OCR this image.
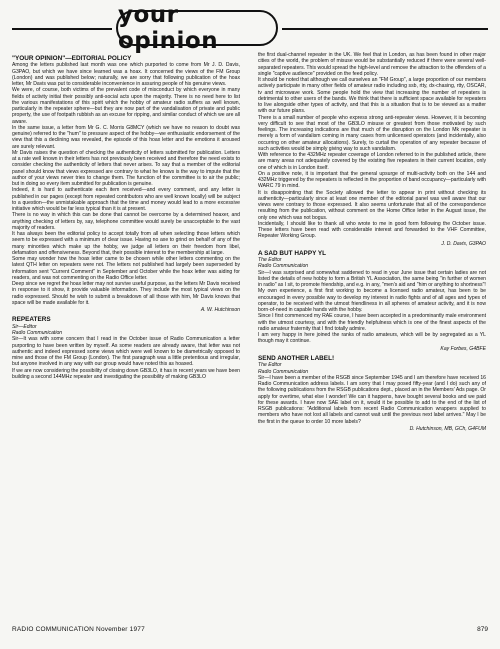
your opinion
"YOUR OPINION"—EDITORIAL POLICY
Among the letters published last month was one which purported to come from Mr J. D. Davis, G3PAO, but which we have since learned was a hoax. It concerned the views of the FM Group (London) and was published below; naturally, we are sorry that following publication of the hoax letter, Mr Davis was put to considerable inconvenience in assuring people of his genuine views.
We were, of course, both victims of the prevalent code of misconduct by which everyone in many fields of activity initial their possibly anti-social acts upon the majority. There is no need here to list the various manifestations of this spirit which the hobby of amateur radio suffers as well known, particularly in the repeater sphere—but they are now part of the vandalisation of private and public property, the use of footpath rubbish as an excuse for ripping, and similar conduct of which we are all aware.
In the same issue, a letter from Mr G. C. Morris G8MCY (which we have no reason to doubt was genuine) referred to the "hum" to pressure aspect of the hobby—we enthusiastic endorsement of the view that this a declining was revealed, the episode of this hoax letter and the emotions it aroused are surely relevant.
Mr Davis raises the question of checking the authenticity of letters submitted for publication. Letters at a rate well known in their letters has not previously been received and therefore the need exists to consider checking the authenticity of letters that never arises. To say that a member of the editorial panel should know that views expressed are contrary to what he knows is the way to impute that the author of your views never tries to change them. The function of the committee is to air the public; but in doing so every item submitted for publication is genuine.
Indeed, it is hard to authenticate each item received—and every comment, and any letter is published in our pages (except from repeated contributors who are well known locally) will be subject to a question—the unmistakable approach that the time and money would lead to a more excessive initiative which would be far less typical than it is at present.
There is no way in which this can be done that cannot be overcome by a determined hoaxer, and anything checking of letters by, say, telephone committee would surely be unacceptable to the vast majority of readers.
It has always been the editorial policy to accept totally from all when selecting those letters which seem to be expressed with a minimum of clear issue. Having no axe to grind on behalf of any of the many minorities which make up the hobby, we judge all letters on their freedom from libel, defamation and offensiveness. Beyond that, their possible interest to the membership at large.
Some may wonder how the hoax letter came to be chosen while other letters commenting on the latest QTH letter on repeaters were not. The letters not published had largely been superseded by information sent "Current Comment" in September and October while the hoax letter was aiding for readers, and was not commenting on the Radio Office letter.
Deep since we regret the hoax letter may not survive useful purpose, as the letters Mr Davis received in response to it show, it provide valuable information. They include the most typical views on the radio expressed. Should he wish to submit a breakdown of all those with him, Mr Davis knows that space will be made available for it.
A. W. Hutchinson
REPEATERS
Sir—Editor
Radio Communication
Sir—It was with some concern that I read in the October issue of Radio Communication a letter purporting to have been written by myself. As some readers are already aware, that letter was not authentic and indeed expressed some views which were well known to be diametrically opposed to mine and those of the FM Group (London). The first paragraph was a little pretentious and irregular, but anyone involved in any way with our group would have noted this as hoaxed.
If we are now considering the possibility of closing down GB3LO, it has in recent years we have been building a second 144MHz repeater and investigating the possibility of making GB3LO
the first dual-channel repeater in the UK. We feel that in London, as has been found in other major cities of the world, the problem of misuse would be substantially reduced if there were several well-separated repeaters. This would spread the high-level and remove the attraction to the offenders of a single "captive audience" provided on the feed policy.
It should be noted that although we call ourselves an "FM Group", a large proportion of our members actively participate in many other fields of amateur radio including ssb, rtty, dx-chasing, rtty, OSCAR, tv and microwave work. Some people hold the view that increasing the number of repeaters is detrimental to other users of the bands. We think that there is sufficient space available for repeaters to live alongside other types of activity, and that this is a situation that is to be viewed as a matter with our future plans.
There is a small number of people who express strong anti-repeater views. However, it is becoming very difficult to see that most of the GB3LO misuse or greatest from those motivated by such feelings. The increasing indications are that much of the disruption on the London Mk repeater is merely a form of vandalism coming in many cases from unlicensed operators (and incidentally, also occurring on other amateur allocations). Surely, to curtail the operation of any repeater because of such activities would be simply giving way to such vandalism.
With reference to the 432MHz repeater coverage of London referred to in the published article, there are many areas not adequately covered by the existing five repeaters in their current location, only one of which is in London itself.
On a positive note, it is important that the general upsurge of multi-activity both on the 144 and 432MHz triggered by the repeaters is reflected in the proportion of band occupancy—particularly with WARC 79 in mind.
It is disappointing that the Society allowed the letter to appear in print without checking its authenticity—particularly since at least one member of the editorial panel was well aware that our views were contrary to those expressed. It also seems unfortunate that all of the correspondence resulting from the publication, without comment on the Home Office letter in the August issue, the only one which was not bogus.
Incidentally, I should like to thank all who wrote to me in good form following the October issue. These letters have been read with considerable interest and forwarded to the VHF Committee, Repeater Working Group.
J. D. Davis, G3PAO
A SAD BUT HAPPY YL
The Editor
Radio Communication
Sir—I was surprised and somewhat saddened to read in your June issue that certain ladies are not listed the details of new hobby to form a British YL Association, the same being "in further of women in radio" as I sit, to promote friendship, and e.g. in any, "men's aid and "him or anything to shortness"!
My own experience, a first first working to become a licensed radio amateur, has been to be encouraged in every possible way to develop my interest in radio fights and of all ages and types of operator, to be received with the utmost friendliness in all spheres of amateur activity, and it is now born-of-need in capable hands with the hobby.
Since I first commenced my RAE course, I have been accepted in a predominantly male environment with the utmost courtesy, and with the friendly helpfulness which is one of the finest aspects of the radio amateur fraternity that I find totally admire.
I am very happy in here joined the ranks of radio amateurs, which will be by segregated as a YL though may it continue.
Kay Forbes, G4BFE
SEND ANOTHER LABEL!
The Editor
Radio Communication
Sir—I have been a member of the RSGB since September 1945 and I am therefore have received 16 Radio Communication address labels. I am sorry that I may posed fifty-year (and I do) such any of the following publications from the RSGB publications dept., placed an in the Members' Ads page. Or apply for overtime, what else I wonder! We can it happens, have bought several books and we paid for these awards. I have now SAE label on it, would it be possible to add to the end of the list of RSGB publications: "Additional labels from recent Radio Communication wrappers supplied to members who have not lost all labels and cannot wait until the previous next label arrives." May I be the first in the queue to order 10 more labels?
D. Hutchinson, MB, GCh, G4FUM
RADIO COMMUNICATION November 1977	879
